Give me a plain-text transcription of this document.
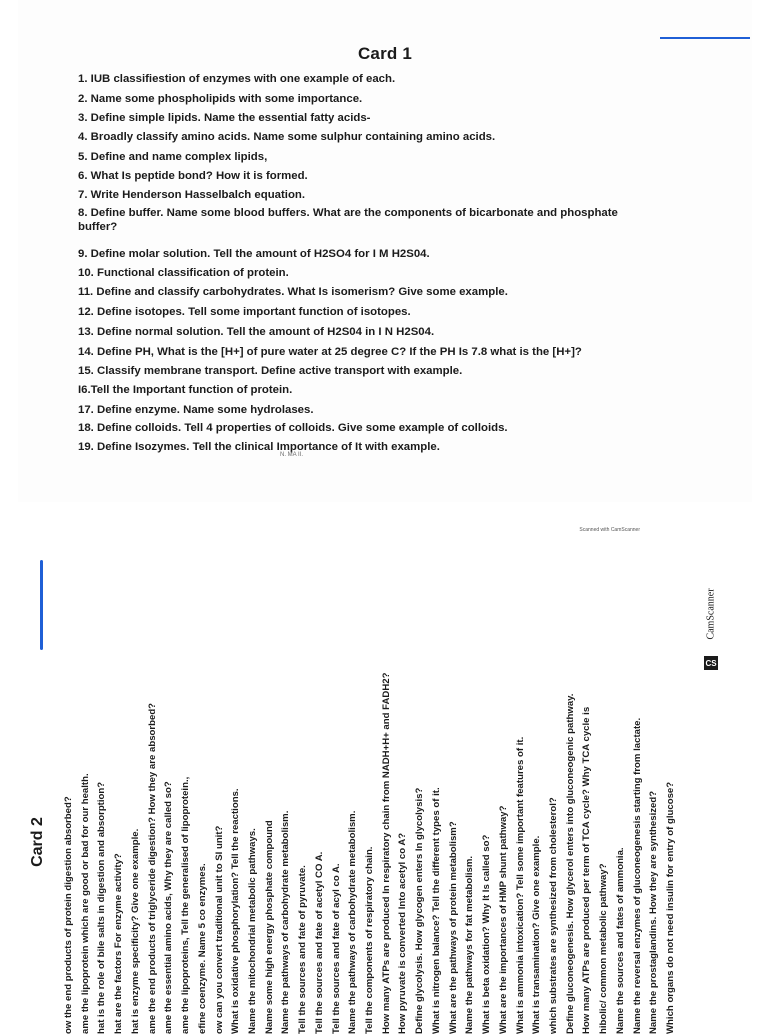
Card 1
1. IUB classifiestion of enzymes with one example of each.
2. Name some phospholipids with some importance.
3. Define simple lipids. Name the essential fatty acids-
4. Broadly classify amino acids. Name some sulphur containing amino acids.
5. Define and name complex lipids,
6. What Is peptide bond? How it is formed.
7. Write Henderson Hasselbalch equation.
8. Define buffer. Name some blood buffers. What are the components of bicarbonate and phosphate buffer?
9. Define molar solution. Tell the amount of H2SO4 for I M H2S04.
10. Functional classification of protein.
11. Define and classify carbohydrates. What Is isomerism? Give some example.
12. Define isotopes. Tell some important function of isotopes.
13. Define normal solution. Tell the amount of H2S04 in I N H2S04.
14. Define PH, What is the [H+] of pure water at 25 degree C? If the PH Is 7.8 what is the [H+]?
15. Classify membrane transport. Define active transport with example.
I6.Tell the Important function of protein.
17. Define enzyme. Name some hydrolases.
18. Define colloids. Tell 4 properties of colloids. Give some example of colloids.
19. Define Isozymes. Tell the clinical Importance of It with example.
N. MA II.
Scanned with CamScanner
Card 2 ow the end products of protein digestion absorbed? ame the lipoprotein which are good or bad for our health. hat is the role of bile salts in digestion and absorption? hat are the factors For enzyme activity? hat is enzyme specificity? Give one example. ame the end products of triglyceride digestion? How they are absorbed? ame the essential amino acids, Why they are called so? ame the lipoproteins, Tell the generalised of lipoprotein., efine coenzyme. Name 5 co enzymes. ow can you convert traditional unit to SI unit? What is oxidative phosphorylation? Tell the reactions. Name the mitochondrial metabolic pathways. Name some high energy phosphate compound Name the pathways of carbohydrate metabolism. Tell the sources and fate of pyruvate. Tell the sources and fate of acetyl CO A. Tell the sources and fate of acyl co A. Name the pathways of carbohydrate metabolism. Tell the components of respiratory chain. How many ATPs are produced In respiratory chain from NADH+H+ and FADH2? How pyruvate is converted Into acetyl co A? Define glycolysis. How glycogen enters In glycolysis? What is nitrogen balance? Tell the different types of it. What are the pathways of protein metabolism? Name the pathways for fat metabolism. What is beta oxidation? Why It Is called so? What are the importances of HMP shunt pathway? What is ammonia intoxication? Tell some important features of it. What is transamination? Give one example. which substrates are synthesized from cholesterol? Define gluconeogenesis. How glycerol enters into gluconeogenic pathway. How many ATPs are produced per term of TCA cycle? Why TCA cycle is hibolic/ common metabolic pathway? Name the sources and fates of ammonia. Name the reversal enzymes of gluconeogenesis starting from lactate. Name the prostaglandins. How they are synthesized? Which organs do not need insulin for entry of glucose?
CS
CamScanner
